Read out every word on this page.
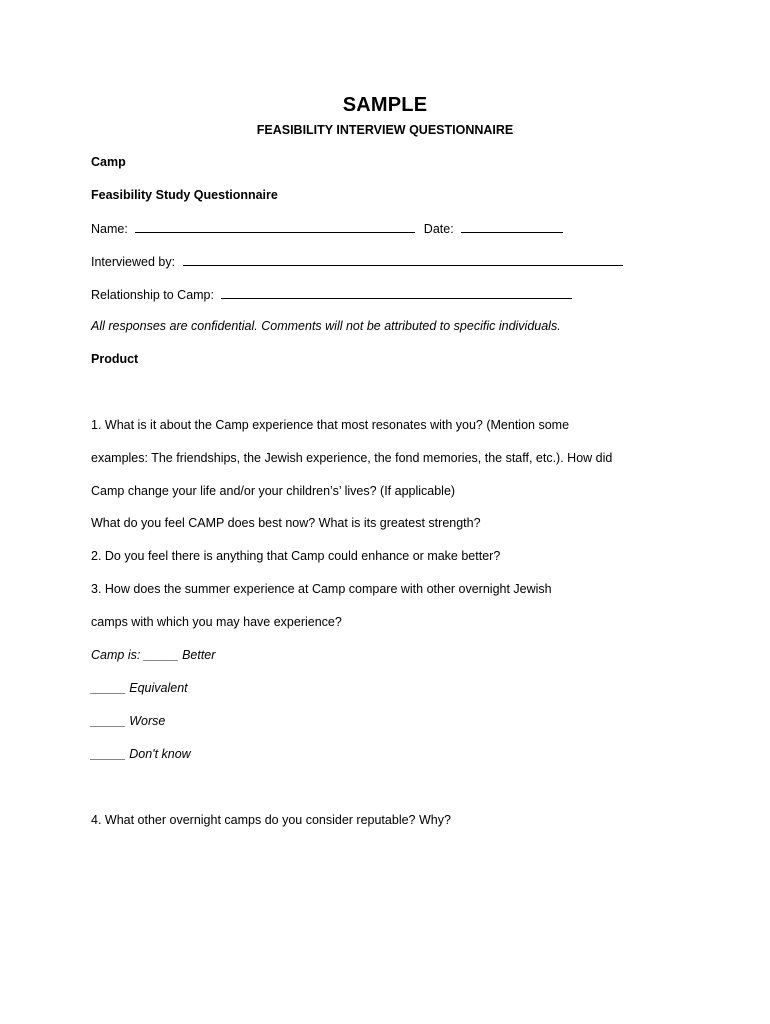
SAMPLE
FEASIBILITY INTERVIEW QUESTIONNAIRE
Camp
Feasibility Study Questionnaire
Name:	Date:
Interviewed by:
Relationship to Camp:
All responses are confidential. Comments will not be attributed to specific individuals.
Product
1. What is it about the Camp experience that most resonates with you? (Mention some
examples: The friendships, the Jewish experience, the fond memories, the staff, etc.). How did
Camp change your life and/or your children’s’ lives? (If applicable)
What do you feel CAMP does best now? What is its greatest strength?
2. Do you feel there is anything that Camp could enhance or make better?
3. How does the summer experience at Camp compare with other overnight Jewish
camps with which you may have experience?
Camp is: _____ Better
_____ Equivalent
_____ Worse
_____ Don't know
4. What other overnight camps do you consider reputable? Why?
